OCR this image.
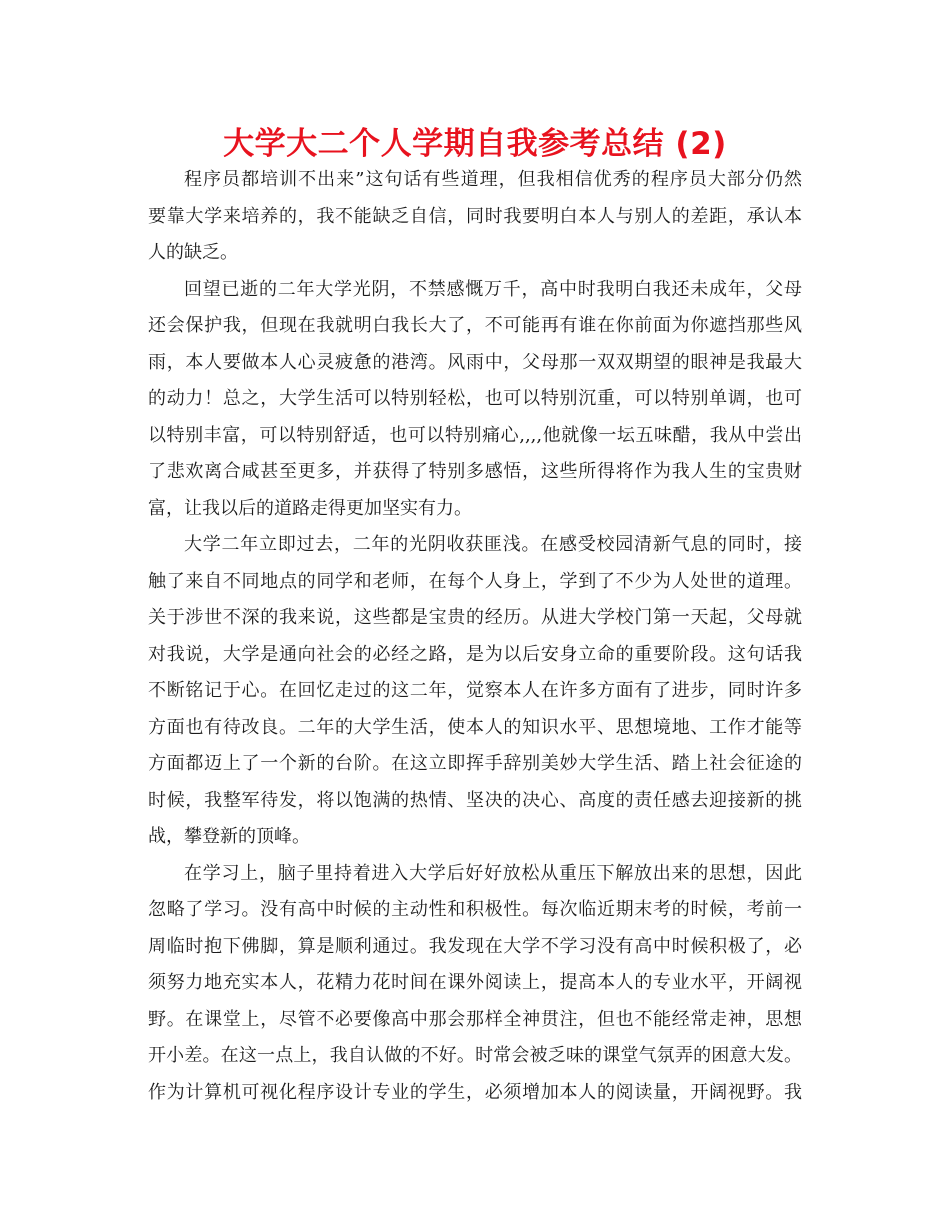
大学大二个人学期自我参考总结 (2)

程序员都培训不出来”这句话有些道理，但我相信优秀的程序员大部分仍然
要靠大学来培养的，我不能缺乏自信，同时我要明白本人与别人的差距，承认本
人的缺乏。

回望已逝的二年大学光阴，不禁感慨万千，高中时我明白我还未成年，父母
还会保护我，但现在我就明白我长大了，不可能再有谁在你前面为你遮挡那些风
雨，本人要做本人心灵疲惫的港湾。风雨中，父母那一双双期望的眼神是我最大
的动力！总之，大学生活可以特别轻松，也可以特别沉重，可以特别单调，也可
以特别丰富，可以特别舒适，也可以特别痛心,,,,他就像一坛五味醋，我从中尝出
了悲欢离合咸甚至更多，并获得了特别多感悟，这些所得将作为我人生的宝贵财
富，让我以后的道路走得更加坚实有力。

大学二年立即过去，二年的光阴收获匪浅。在感受校园清新气息的同时，接
触了来自不同地点的同学和老师，在每个人身上，学到了不少为人处世的道理。
关于涉世不深的我来说，这些都是宝贵的经历。从进大学校门第一天起，父母就
对我说，大学是通向社会的必经之路，是为以后安身立命的重要阶段。这句话我
不断铭记于心。在回忆走过的这二年，觉察本人在许多方面有了进步，同时许多
方面也有待改良。二年的大学生活，使本人的知识水平、思想境地、工作才能等
方面都迈上了一个新的台阶。在这立即挥手辞别美妙大学生活、踏上社会征途的
时候，我整军待发，将以饱满的热情、坚决的决心、高度的责任感去迎接新的挑
战，攀登新的顶峰。

在学习上，脑子里持着进入大学后好好放松从重压下解放出来的思想，因此
忽略了学习。没有高中时候的主动性和积极性。每次临近期末考的时候，考前一
周临时抱下佛脚，算是顺利通过。我发现在大学不学习没有高中时候积极了，必
须努力地充实本人，花精力花时间在课外阅读上，提高本人的专业水平，开阔视
野。在课堂上，尽管不必要像高中那会那样全神贯注，但也不能经常走神，思想
开小差。在这一点上，我自认做的不好。时常会被乏味的课堂气氛弄的困意大发。
作为计算机可视化程序设计专业的学生，必须增加本人的阅读量，开阔视野。我
